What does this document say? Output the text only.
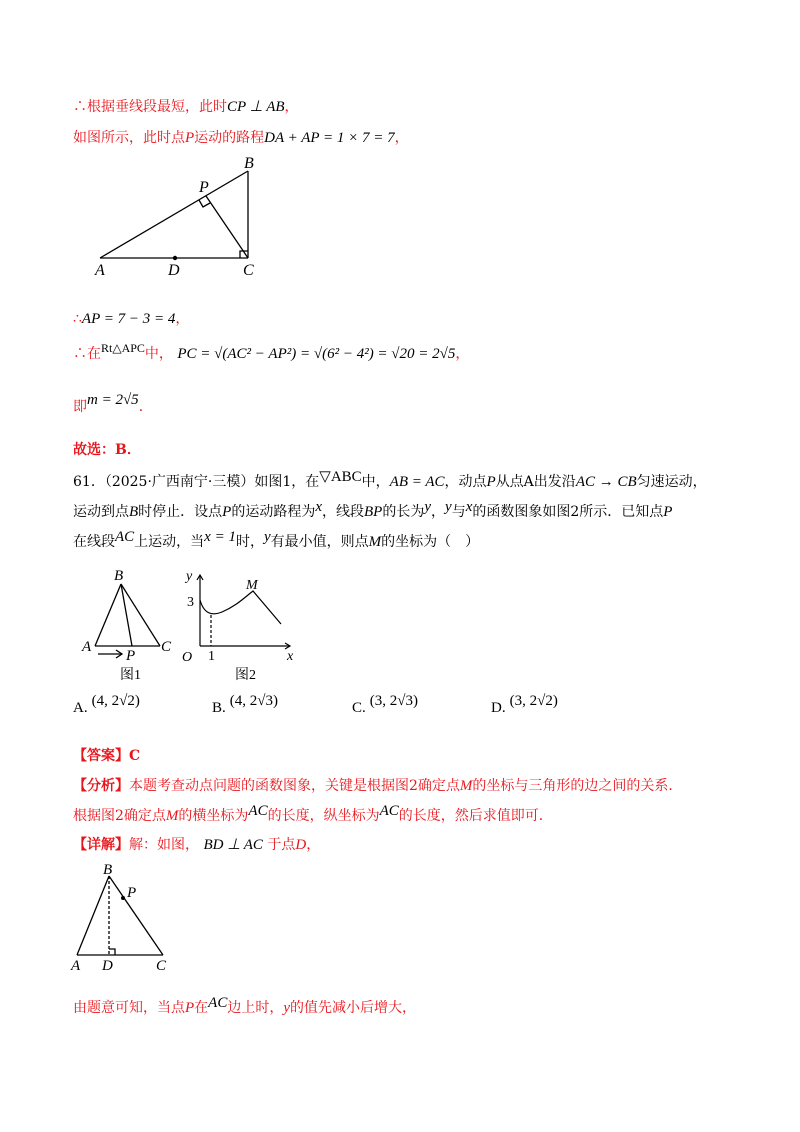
∴根据垂线段最短，此时CP ⊥ AB，
如图所示，此时点P运动的路程DA + AP = 1 × 7 = 7，
A	D	C
B
P
∴AP = 7 − 3 = 4，
∴在Rt△APC中， PC = √(AC² − AP²) = √(6² − 4²) = √20 = 2√5，
即m = 2√5．
故选：B．
61．（2025·广西南宁·三模）如图1，在▽ABC中，AB = AC，动点P从点A出发沿AC → CB匀速运动，
运动到点B时停止．设点P的运动路程为x，线段BP的长为y，y与x的函数图象如图2所示．已知点P
在线段AC上运动，当x = 1时，y有最小值，则点M的坐标为（　）
B
A	C
P
图1
y
x
O
3
1
M
图2
A. (4, 2√2)	B. (4, 2√3)	C. (3, 2√3)	D. (3, 2√2)
【答案】C
【分析】本题考查动点问题的函数图象，关键是根据图2确定点M的坐标与三角形的边之间的关系．
根据图2确定点M的横坐标为AC的长度，纵坐标为AC的长度，然后求值即可．
【详解】解：如图， BD ⊥ AC 于点D，
B
P
A D	C
由题意可知，当点P在AC边上时，y的值先减小后增大，
